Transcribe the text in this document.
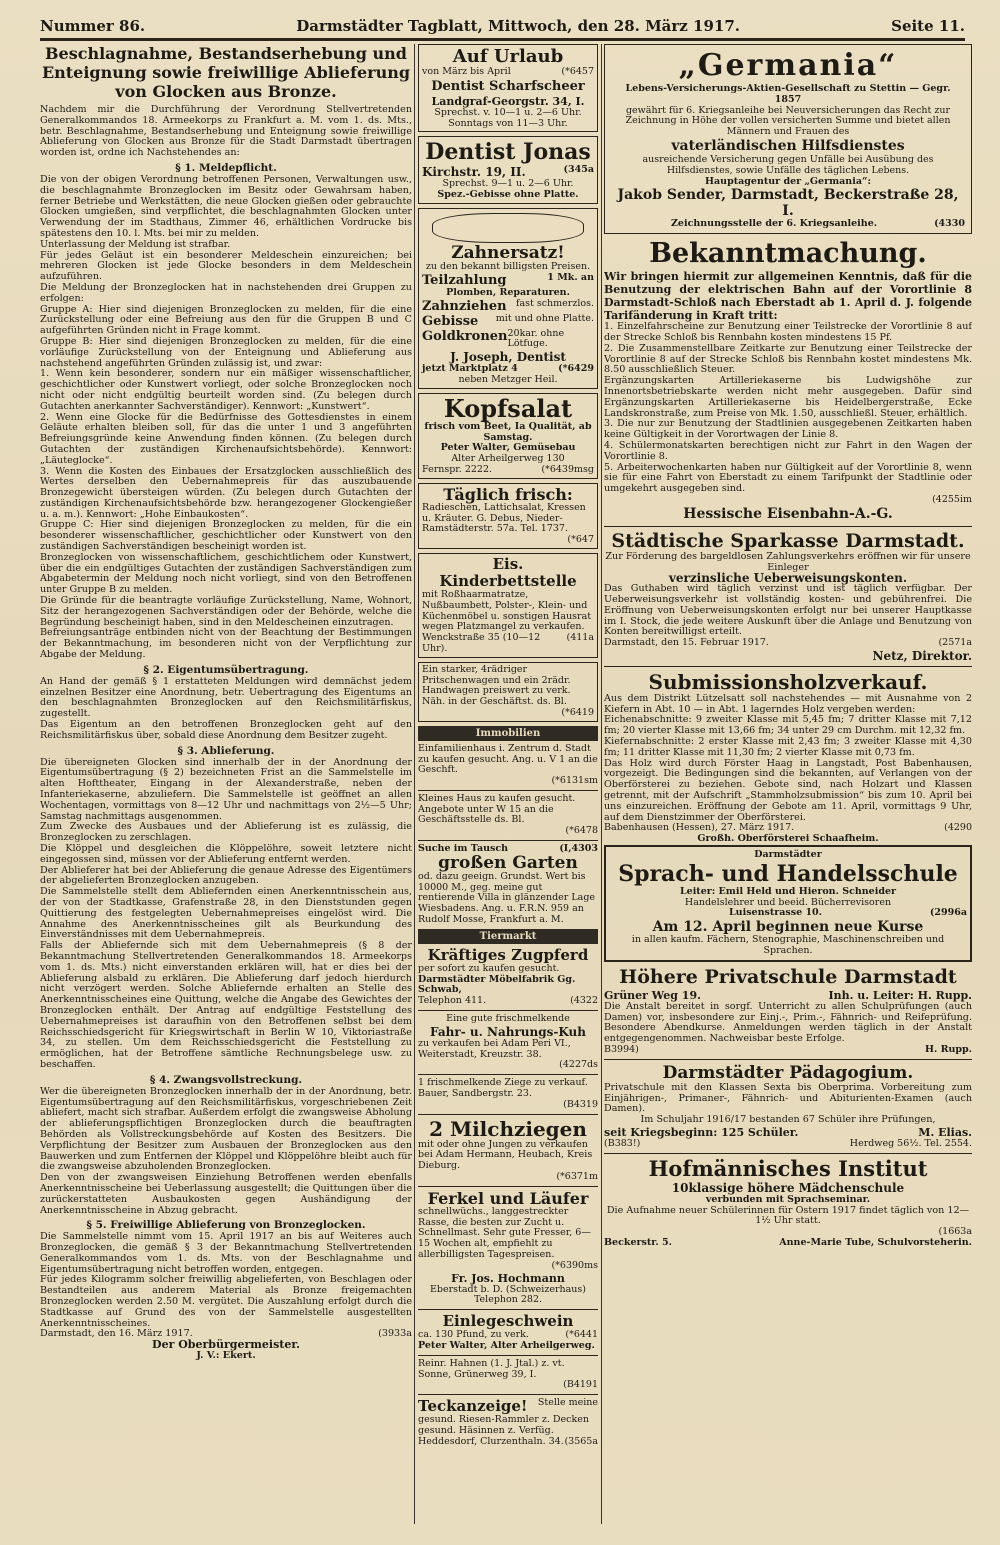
Nummer 86.	Darmstädter Tagblatt, Mittwoch, den 28. März 1917.	Seite 11.

Beschlagnahme, Bestandserhebung und Enteignung sowie freiwillige Ablieferung von Glocken aus Bronze.

Nachdem mir die Durchführung der Verordnung Stellvertretenden Generalkommandos 18. Armeekorps zu Frankfurt a. M. vom 1. ds. Mts., betr. Beschlagnahme, Bestandserhebung und Enteignung sowie freiwillige Ablieferung von Glocken aus Bronze für die Stadt Darmstadt übertragen worden ist, ordne ich Nachstehendes an:

§ 1. Meldepflicht.

Die von der obigen Verordnung betroffenen Personen, Verwaltungen usw., die beschlagnahmte Bronzeglocken im Besitz oder Gewahrsam haben, ferner Betriebe und Werkstätten, die neue Glocken gießen oder gebrauchte Glocken umgießen, sind verpflichtet, die beschlagnahmten Glocken unter Verwendung der im Stadthaus, Zimmer 46, erhältlichen Vordrucke bis spätestens den 10. l. Mts. bei mir zu melden.

Unterlassung der Meldung ist strafbar.

Für jedes Geläut ist ein besonderer Meldeschein einzureichen; bei mehreren Glocken ist jede Glocke besonders in dem Meldeschein aufzuführen.

Die Meldung der Bronzeglocken hat in nachstehenden drei Gruppen zu erfolgen:

Gruppe A: Hier sind diejenigen Bronzeglocken zu melden, für die eine Zurückstellung oder eine Befreiung aus den für die Gruppen B und C aufgeführten Gründen nicht in Frage kommt.

Gruppe B: Hier sind diejenigen Bronzeglocken zu melden, für die eine vorläufige Zurückstellung von der Enteignung und Ablieferung aus nachstehend angeführten Gründen zulässig ist, und zwar:

1. Wenn kein besonderer, sondern nur ein mäßiger wissenschaftlicher, geschichtlicher oder Kunstwert vorliegt, oder solche Bronzeglocken noch nicht oder nicht endgültig beurteilt worden sind. (Zu belegen durch Gutachten anerkannter Sachverständiger). Kennwort: „Kunstwert“.

2. Wenn eine Glocke für die Bedürfnisse des Gottesdienstes in einem Geläute erhalten bleiben soll, für das die unter 1 und 3 angeführten Befreiungsgründe keine Anwendung finden können. (Zu belegen durch Gutachten der zuständigen Kirchenaufsichtsbehörde). Kennwort: „Läuteglocke“.

3. Wenn die Kosten des Einbaues der Ersatzglocken ausschließlich des Wertes derselben den Uebernahmepreis für das auszubauende Bronzegewicht übersteigen würden. (Zu belegen durch Gutachten der zuständigen Kirchenaufsichtsbehörde bzw. herangezogener Glockengießer u. a. m.). Kennwort: „Hohe Einbaukosten“.

Gruppe C: Hier sind diejenigen Bronzeglocken zu melden, für die ein besonderer wissenschaftlicher, geschichtlicher oder Kunstwert von den zuständigen Sachverständigen bescheinigt worden ist.

Bronzeglocken von wissenschaftlichem, geschichtlichem oder Kunstwert, über die ein endgültiges Gutachten der zuständigen Sachverständigen zum Abgabetermin der Meldung noch nicht vorliegt, sind von den Betroffenen unter Gruppe B zu melden.

Die Gründe für die beantragte vorläufige Zurückstellung, Name, Wohnort, Sitz der herangezogenen Sachverständigen oder der Behörde, welche die Begründung bescheinigt haben, sind in den Meldescheinen einzutragen.

Befreiungsanträge entbinden nicht von der Beachtung der Bestimmungen der Bekanntmachung, im besonderen nicht von der Verpflichtung zur Abgabe der Meldung.

§ 2. Eigentumsübertragung.

An Hand der gemäß § 1 erstatteten Meldungen wird demnächst jedem einzelnen Besitzer eine Anordnung, betr. Uebertragung des Eigentums an den beschlagnahmten Bronzeglocken auf den Reichsmilitärfiskus, zugestellt.

Das Eigentum an den betroffenen Bronzeglocken geht auf den Reichsmilitärfiskus über, sobald diese Anordnung dem Besitzer zugeht.

§ 3. Ablieferung.

Die übereigneten Glocken sind innerhalb der in der Anordnung der Eigentumsübertragung (§ 2) bezeichneten Frist an die Sammelstelle im alten Hofttheater, Eingang in der Alexanderstraße, neben der Infanteriekaserne, abzuliefern. Die Sammelstelle ist geöffnet an allen Wochentagen, vormittags von 8—12 Uhr und nachmittags von 2½—5 Uhr; Samstag nachmittags ausgenommen.

Zum Zwecke des Ausbaues und der Ablieferung ist es zulässig, die Bronzeglocken zu zerschlagen.

Die Klöppel und desgleichen die Klöppelöhre, soweit letztere nicht eingegossen sind, müssen vor der Ablieferung entfernt werden.

Der Ablieferer hat bei der Ablieferung die genaue Adresse des Eigentümers der abgelieferten Bronzeglocken anzugeben.

Die Sammelstelle stellt dem Abliefernden einen Anerkenntnisschein aus, der von der Stadtkasse, Grafenstraße 28, in den Dienststunden gegen Quittierung des festgelegten Uebernahmepreises eingelöst wird. Die Annahme des Anerkenntnisscheines gilt als Beurkundung des Einverständnisses mit dem Uebernahmepreis.

Falls der Abliefernde sich mit dem Uebernahmepreis (§ 8 der Bekanntmachung Stellvertretenden Generalkommandos 18. Armeekorps vom 1. ds. Mts.) nicht einverstanden erklären will, hat er dies bei der Ablieferung alsbald zu erklären. Die Ablieferung darf jedoch hierdurch nicht verzögert werden. Solche Abliefernde erhalten an Stelle des Anerkenntnisscheines eine Quittung, welche die Angabe des Gewichtes der Bronzeglocken enthält. Der Antrag auf endgültige Feststellung des Uebernahmepreises ist daraufhin von den Betroffenen selbst bei dem Reichsschiedsgericht für Kriegswirtschaft in Berlin W 10, Viktoriastraße 34, zu stellen. Um dem Reichsschiedsgericht die Feststellung zu ermöglichen, hat der Betroffene sämtliche Rechnungsbelege usw. zu beschaffen.

§ 4. Zwangsvollstreckung.

Wer die übereigneten Bronzeglocken innerhalb der in der Anordnung, betr. Eigentumsübertragung auf den Reichsmilitärfiskus, vorgeschriebenen Zeit abliefert, macht sich strafbar. Außerdem erfolgt die zwangsweise Abholung der ablieferungspflichtigen Bronzeglocken durch die beauftragten Behörden als Vollstreckungsbehörde auf Kosten des Besitzers. Die Verpflichtung der Besitzer zum Ausbauen der Bronzeglocken aus den Bauwerken und zum Entfernen der Klöppel und Klöppelöhre bleibt auch für die zwangsweise abzuholenden Bronzeglocken.

Den von der zwangsweisen Einziehung Betroffenen werden ebenfalls Anerkenntnisscheine bei Ueberlassung ausgestellt; die Quittungen über die zurückerstatteten Ausbaukosten gegen Aushändigung der Anerkenntnisscheine in Abzug gebracht.

§ 5. Freiwillige Ablieferung von Bronzeglocken.

Die Sammelstelle nimmt vom 15. April 1917 an bis auf Weiteres auch Bronzeglocken, die gemäß § 3 der Bekanntmachung Stellvertretenden Generalkommandos vom 1. ds. Mts. von der Beschlagnahme und Eigentumsübertragung nicht betroffen worden, entgegen.

Für jedes Kilogramm solcher freiwillig abgelieferten, von Beschlagen oder Bestandteilen aus anderem Material als Bronze freigemachten Bronzeglocken werden 2.50 M. vergütet. Die Auszahlung erfolgt durch die Stadtkasse auf Grund des von der Sammelstelle ausgestellten Anerkenntnisscheines.

Darmstadt, den 16. März 1917.	(3933a

Der Oberbürgermeister.

J. V.: Ekert.

Auf Urlaub
von März bis April	(*6457
Dentist Scharfscheer
Landgraf-Georgstr. 34, I.
Sprechst. v. 10—1 u. 2—6 Uhr.
Sonntags von 11—3 Uhr.
Dentist Jonas
Kirchstr. 19, II.	(345a
Sprechst. 9—1 u. 2—6 Uhr.
Spez.-Gebisse ohne Platte.
Zahnersatz!
zu den bekannt billigsten Preisen.
Teilzahlung	1 Mk. an
Plomben, Reparaturen.
Zahnziehen fast schmerzlos.
Gebisse mit und ohne Platte.
Goldkronen 20kar. ohne Lötfuge.
J. Joseph, Dentist
jetzt Marktplatz 4	(*6429
neben Metzger Heil.
Kopfsalat
frisch vom Beet, Ia Qualität, ab Samstag.
Peter Walter, Gemüsebau
Alter Arheilgerweg 130
Fernspr. 2222.	(*6439msg
Täglich frisch:
Radieschen, Lattichsalat, Kressen u. Kräuter. G. Debus, Nieder-Ramstädterstr. 57a. Tel. 1737.
(*647
Eis. Kinderbettstelle
mit Roßhaarmatratze, Nußbaumbett, Polster-, Klein- und Küchenmöbel u. sonstigen Hausrat wegen Platzmangel zu verkaufen.
Wenckstraße 35 (10—12 Uhr).
(411a
Ein starker, 4rädriger Pritschenwagen und ein 2rädr. Handwagen preiswert zu verk. Näh. in der Geschäftst. ds. Bl.
(*6419
Immobilien
Einfamilienhaus i. Zentrum d. Stadt zu kaufen gesucht. Ang. u. V 1 an die Geschft.
(*6131sm
Kleines Haus zu kaufen gesucht. Angebote unter W 15 an die Geschäftsstelle ds. Bl.
(*6478
Suche im Tausch	(I,4303
großen Garten
od. dazu geeign. Grundst. Wert bis 10000 M., geg. meine gut rentierende Villa in glänzender Lage Wiesbadens. Ang. u. F.R.N. 959 an Rudolf Mosse, Frankfurt a. M.
Tiermarkt
Kräftiges Zugpferd
per sofort zu kaufen gesucht.
Darmstädter Möbelfabrik Gg. Schwab,
Telephon 411.	(4322
Eine gute frischmelkende
Fahr- u. Nahrungs-Kuh
zu verkaufen bei Adam Peri VI., Weiterstadt, Kreuzstr. 38.
(4227ds
1 frischmelkende Ziege zu verkauf. Bauer, Sandbergstr. 23.
(B4319
2 Milchziegen
mit oder ohne Jungen zu verkaufen bei Adam Hermann, Heubach, Kreis Dieburg.
(*6371m
Ferkel und Läufer
schnellwüchs., langgestreckter Rasse, die besten zur Zucht u. Schnellmast. Sehr gute Fresser, 6—15 Wochen alt, empfiehlt zu allerbilligsten Tagespreisen.
(*6390ms
Fr. Jos. Hochmann
Eberstadt b. D. (Schweizerhaus)
Telephon 282.
Einlegeschwein
ca. 130 Pfund, zu verk.	(*6441
Peter Walter, Alter Arheilgerweg.
Reinr. Hahnen (1. J. Jtal.) z. vt. Sonne, Grünerweg 39, I.
(B4191
Teckanzeige! Stelle meine
gesund. Riesen-Rammler z. Decken gesund. Häsinnen z. Verfüg.
Heddesdorf, Clurzenthaln. 34. (3565a
„Germania“
Lebens-Versicherungs-Aktien-Gesellschaft zu Stettin — Gegr. 1857
gewährt für 6. Kriegsanleihe bei Neuversicherungen das Recht zur Zeichnung in Höhe der vollen versicherten Summe und bietet allen Männern und Frauen des
vaterländischen Hilfsdienstes
ausreichende Versicherung gegen Unfälle bei Ausübung des Hilfsdienstes, sowie Unfälle des täglichen Lebens.
Hauptagentur der „Germania“:
Jakob Sender, Darmstadt, Beckerstraße 28, I.
Zeichnungsstelle der 6. Kriegsanleihe.	(4330
Bekanntmachung.

Wir bringen hiermit zur allgemeinen Kenntnis, daß für die Benutzung der elektrischen Bahn auf der Vorortlinie 8 Darmstadt-Schloß nach Eberstadt ab 1. April d. J. folgende Tarifänderung in Kraft tritt:

1. Einzelfahrscheine zur Benutzung einer Teilstrecke der Vorortlinie 8 auf der Strecke Schloß bis Rennbahn kosten mindestens 15 Pf.

2. Die Zusammenstellbare Zeitkarte zur Benutzung einer Teilstrecke der Vorortlinie 8 auf der Strecke Schloß bis Rennbahn kostet mindestens Mk. 8.50 ausschließlich Steuer.

Ergänzungskarten Artilleriekaserne bis Ludwigshöhe zur Innenortsbetriebskarte werden nicht mehr ausgegeben. Dafür sind Ergänzungskarten Artilleriekaserne bis Heidelbergerstraße, Ecke Landskronstraße, zum Preise von Mk. 1.50, ausschließl. Steuer, erhältlich.

3. Die nur zur Benutzung der Stadtlinien ausgegebenen Zeitkarten haben keine Gültigkeit in der Vorortwagen der Linie 8.

4. Schülermonatskarten berechtigen nicht zur Fahrt in den Wagen der Vorortlinie 8.

5. Arbeiterwochenkarten haben nur Gültigkeit auf der Vorortlinie 8, wenn sie für eine Fahrt von Eberstadt zu einem Tarifpunkt der Stadtlinie oder umgekehrt ausgegeben sind.

(4255im
Hessische Eisenbahn-A.-G.
Städtische Sparkasse Darmstadt.

Zur Förderung des bargeldlosen Zahlungsverkehrs eröffnen wir für unsere Einleger

verzinsliche Ueberweisungskonten.

Das Guthaben wird täglich verzinst und ist täglich verfügbar. Der Ueberweisungsverkehr ist vollständig kosten- und gebührenfrei. Die Eröffnung von Ueberweisungskonten erfolgt nur bei unserer Hauptkasse im I. Stock, die jede weitere Auskunft über die Anlage und Benutzung von Konten bereitwilligst erteilt.

Darmstadt, den 15. Februar 1917.	(2571a
Netz, Direktor.
Submissionsholzverkauf.

Aus dem Distrikt Lützelsatt soll nachstehendes — mit Ausnahme von 2 Kiefern in Abt. 10 — in Abt. 1 lagerndes Holz vergeben werden:

Eichenabschnitte: 9 zweiter Klasse mit 5,45 fm; 7 dritter Klasse mit 7,12 fm; 20 vierter Klasse mit 13,66 fm; 34 unter 29 cm Durchm. mit 12,32 fm.

Kiefernabschnitte: 2 erster Klasse mit 2,43 fm; 3 zweiter Klasse mit 4,30 fm; 11 dritter Klasse mit 11,30 fm; 2 vierter Klasse mit 0,73 fm.

Das Holz wird durch Förster Haag in Langstadt, Post Babenhausen, vorgezeigt. Die Bedingungen sind die bekannten, auf Verlangen von der Oberförsterei zu beziehen. Gebote sind, nach Holzart und Klassen getrennt, mit der Aufschrift „Stammholzsubmission“ bis zum 10. April bei uns einzureichen. Eröffnung der Gebote am 11. April, vormittags 9 Uhr, auf dem Dienstzimmer der Oberförsterei.

Babenhausen (Hessen), 27. März 1917.	(4290
Großh. Oberförsterei Schaafheim.
Darmstädter
Sprach- und Handelsschule
Leiter: Emil Held und Hieron. Schneider
Handelslehrer und beeid. Bücherrevisoren
Luisenstrasse 10.	(2996a
Am 12. April beginnen neue Kurse
in allen kaufm. Fächern, Stenographie, Maschinenschreiben und Sprachen.
Höhere Privatschule Darmstadt
Grüner Weg 19.	Inh. u. Leiter: H. Rupp.

Die Anstalt bereitet in sorgf. Unterricht zu allen Schulprüfungen (auch Damen) vor, insbesondere zur Einj.-, Prim.-, Fähnrich- und Reifeprüfung. Besondere Abendkurse. Anmeldungen werden täglich in der Anstalt entgegengenommen. Nachweisbar beste Erfolge.

B3994)	H. Rupp.
Darmstädter Pädagogium.

Privatschule mit den Klassen Sexta bis Oberprima. Vorbereitung zum Einjährigen-, Primaner-, Fähnrich- und Abiturienten-Examen (auch Damen).

Im Schuljahr 1916/17 bestanden 67 Schüler ihre Prüfungen,

seit Kriegsbeginn: 125 Schüler.	M. Elias.
(B383!)	Herdweg 56½. Tel. 2554.
Hofmännisches Institut
10klassige höhere Mädchenschule
verbunden mit Sprachseminar.

Die Aufnahme neuer Schülerinnen für Ostern 1917 findet täglich von 12—1½ Uhr statt.

(1663a
Beckerstr. 5.	Anne-Marie Tube, Schulvorsteherin.
